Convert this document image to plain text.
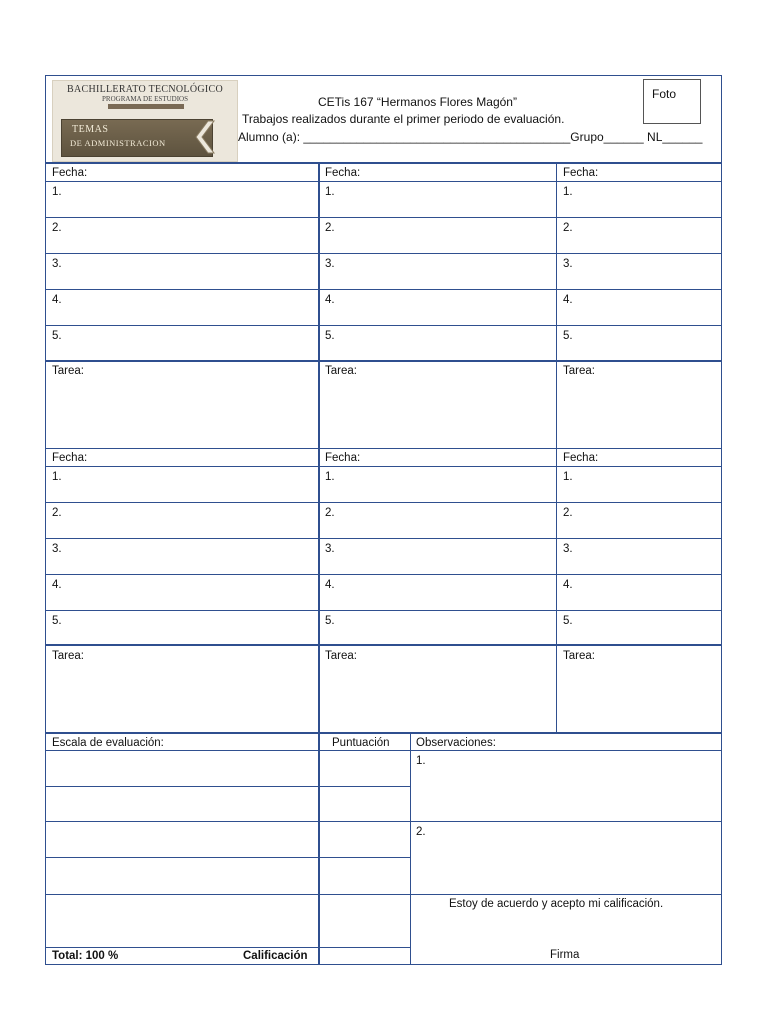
BACHILLERATO TECNOLÓGICO
PROGRAMA DE ESTUDIOS
TEMAS
DE ADMINISTRACION
CETis 167 “Hermanos Flores Magón”
Trabajos realizados durante el primer periodo de evaluación.
Alumno (a): ________________________________________Grupo______ NL______
Foto
Fecha:
1.
2.
3.
4.
5.
Tarea:
Fecha:
1.
2.
3.
4.
5.
Tarea:
Fecha:
1.
2.
3.
4.
5.
Tarea:
Fecha:
1.
2.
3.
4.
5.
Tarea:
Fecha:
1.
2.
3.
4.
5.
Tarea:
Fecha:
1.
2.
3.
4.
5.
Tarea:
Escala de evaluación:	Puntuación Observaciones:
1.
2.
Estoy de acuerdo y acepto mi calificación.
Firma
Total: 100 %	Calificación
